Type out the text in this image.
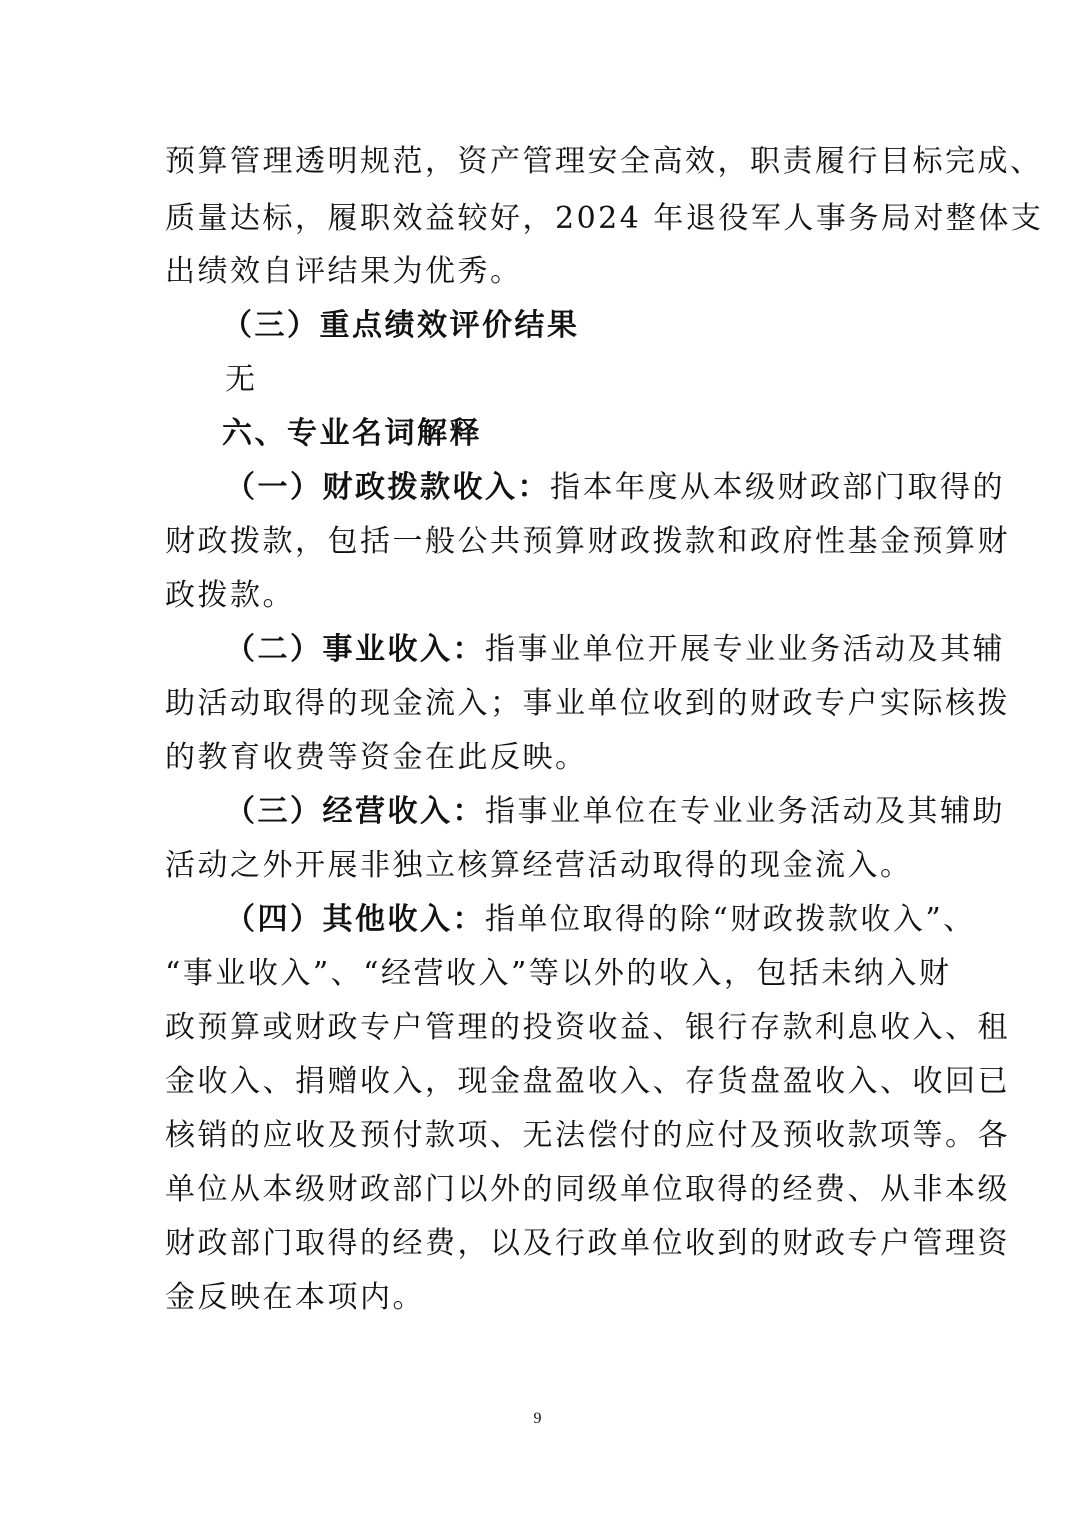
预算管理透明规范，资产管理安全高效，职责履行目标完成、
质量达标，履职效益较好，2024 年退役军人事务局对整体支
出绩效自评结果为优秀。
（三）重点绩效评价结果
无
六、专业名词解释
（一）财政拨款收入：指本年度从本级财政部门取得的
财政拨款，包括一般公共预算财政拨款和政府性基金预算财
政拨款。
（二）事业收入：指事业单位开展专业业务活动及其辅
助活动取得的现金流入；事业单位收到的财政专户实际核拨
的教育收费等资金在此反映。
（三）经营收入：指事业单位在专业业务活动及其辅助
活动之外开展非独立核算经营活动取得的现金流入。
（四）其他收入：指单位取得的除“财政拨款收入”、
“事业收入”、“经营收入”等以外的收入，包括未纳入财
政预算或财政专户管理的投资收益、银行存款利息收入、租
金收入、捐赠收入，现金盘盈收入、存货盘盈收入、收回已
核销的应收及预付款项、无法偿付的应付及预收款项等。各
单位从本级财政部门以外的同级单位取得的经费、从非本级
财政部门取得的经费，以及行政单位收到的财政专户管理资
金反映在本项内。
9
